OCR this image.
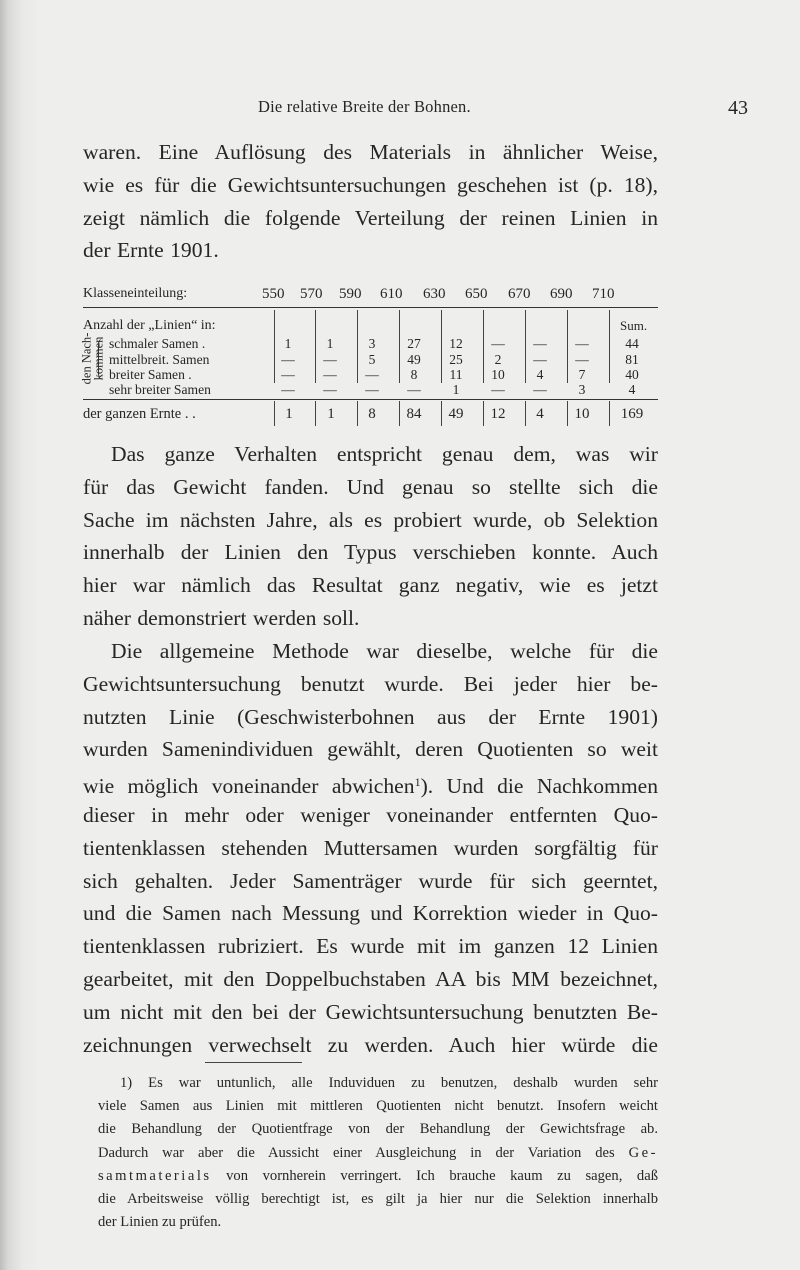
Die relative Breite der Bohnen.	43
waren. Eine Auflösung des Materials in ähnlicher Weise,
wie es für die Gewichtsuntersuchungen geschehen ist (p. 18),
zeigt nämlich die folgende Verteilung der reinen Linien in
der Ernte 1901.
Klasseneinteilung:	550 570 590 610 630 650 670 690 710
Anzahl der „Linien“ in:	Sum.
den Nach-
kommen schmaler Samen .	1	1	3	27	12	—	—	—	44
mittelbreit. Samen	—	—	5	49	25	2	—	—	81
breiter Samen .	—	—	—	8	11	10	4	7	40
sehr breiter Samen	—	—	—	—	1	—	—	3	4
der ganzen Ernte . .	1	1	8	84	49	12	4	10	169
Das ganze Verhalten entspricht genau dem, was wir
für das Gewicht fanden. Und genau so stellte sich die
Sache im nächsten Jahre, als es probiert wurde, ob Selektion
innerhalb der Linien den Typus verschieben konnte. Auch
hier war nämlich das Resultat ganz negativ, wie es jetzt
näher demonstriert werden soll.
Die allgemeine Methode war dieselbe, welche für die
Gewichtsuntersuchung benutzt wurde. Bei jeder hier be-
nutzten Linie (Geschwisterbohnen aus der Ernte 1901)
wurden Samenindividuen gewählt, deren Quotienten so weit
wie möglich voneinander abwichen$^1$). Und die Nachkommen
dieser in mehr oder weniger voneinander entfernten Quo-
tientenklassen stehenden Muttersamen wurden sorgfältig für
sich gehalten. Jeder Samenträger wurde für sich geerntet,
und die Samen nach Messung und Korrektion wieder in Quo-
tientenklassen rubriziert. Es wurde mit im ganzen 12 Linien
gearbeitet, mit den Doppelbuchstaben AA bis MM bezeichnet,
um nicht mit den bei der Gewichtsuntersuchung benutzten Be-
zeichnungen verwechselt zu werden. Auch hier würde die
1) Es war untunlich, alle Induviduen zu benutzen, deshalb wurden sehr
viele Samen aus Linien mit mittleren Quotienten nicht benutzt. Insofern weicht
die Behandlung der Quotientfrage von der Behandlung der Gewichtsfrage ab.
Dadurch war aber die Aussicht einer Ausgleichung in der Variation des Ge-
samtmaterials von vornherein verringert. Ich brauche kaum zu sagen, daß
die Arbeitsweise völlig berechtigt ist, es gilt ja hier nur die Selektion innerhalb
der Linien zu prüfen.
